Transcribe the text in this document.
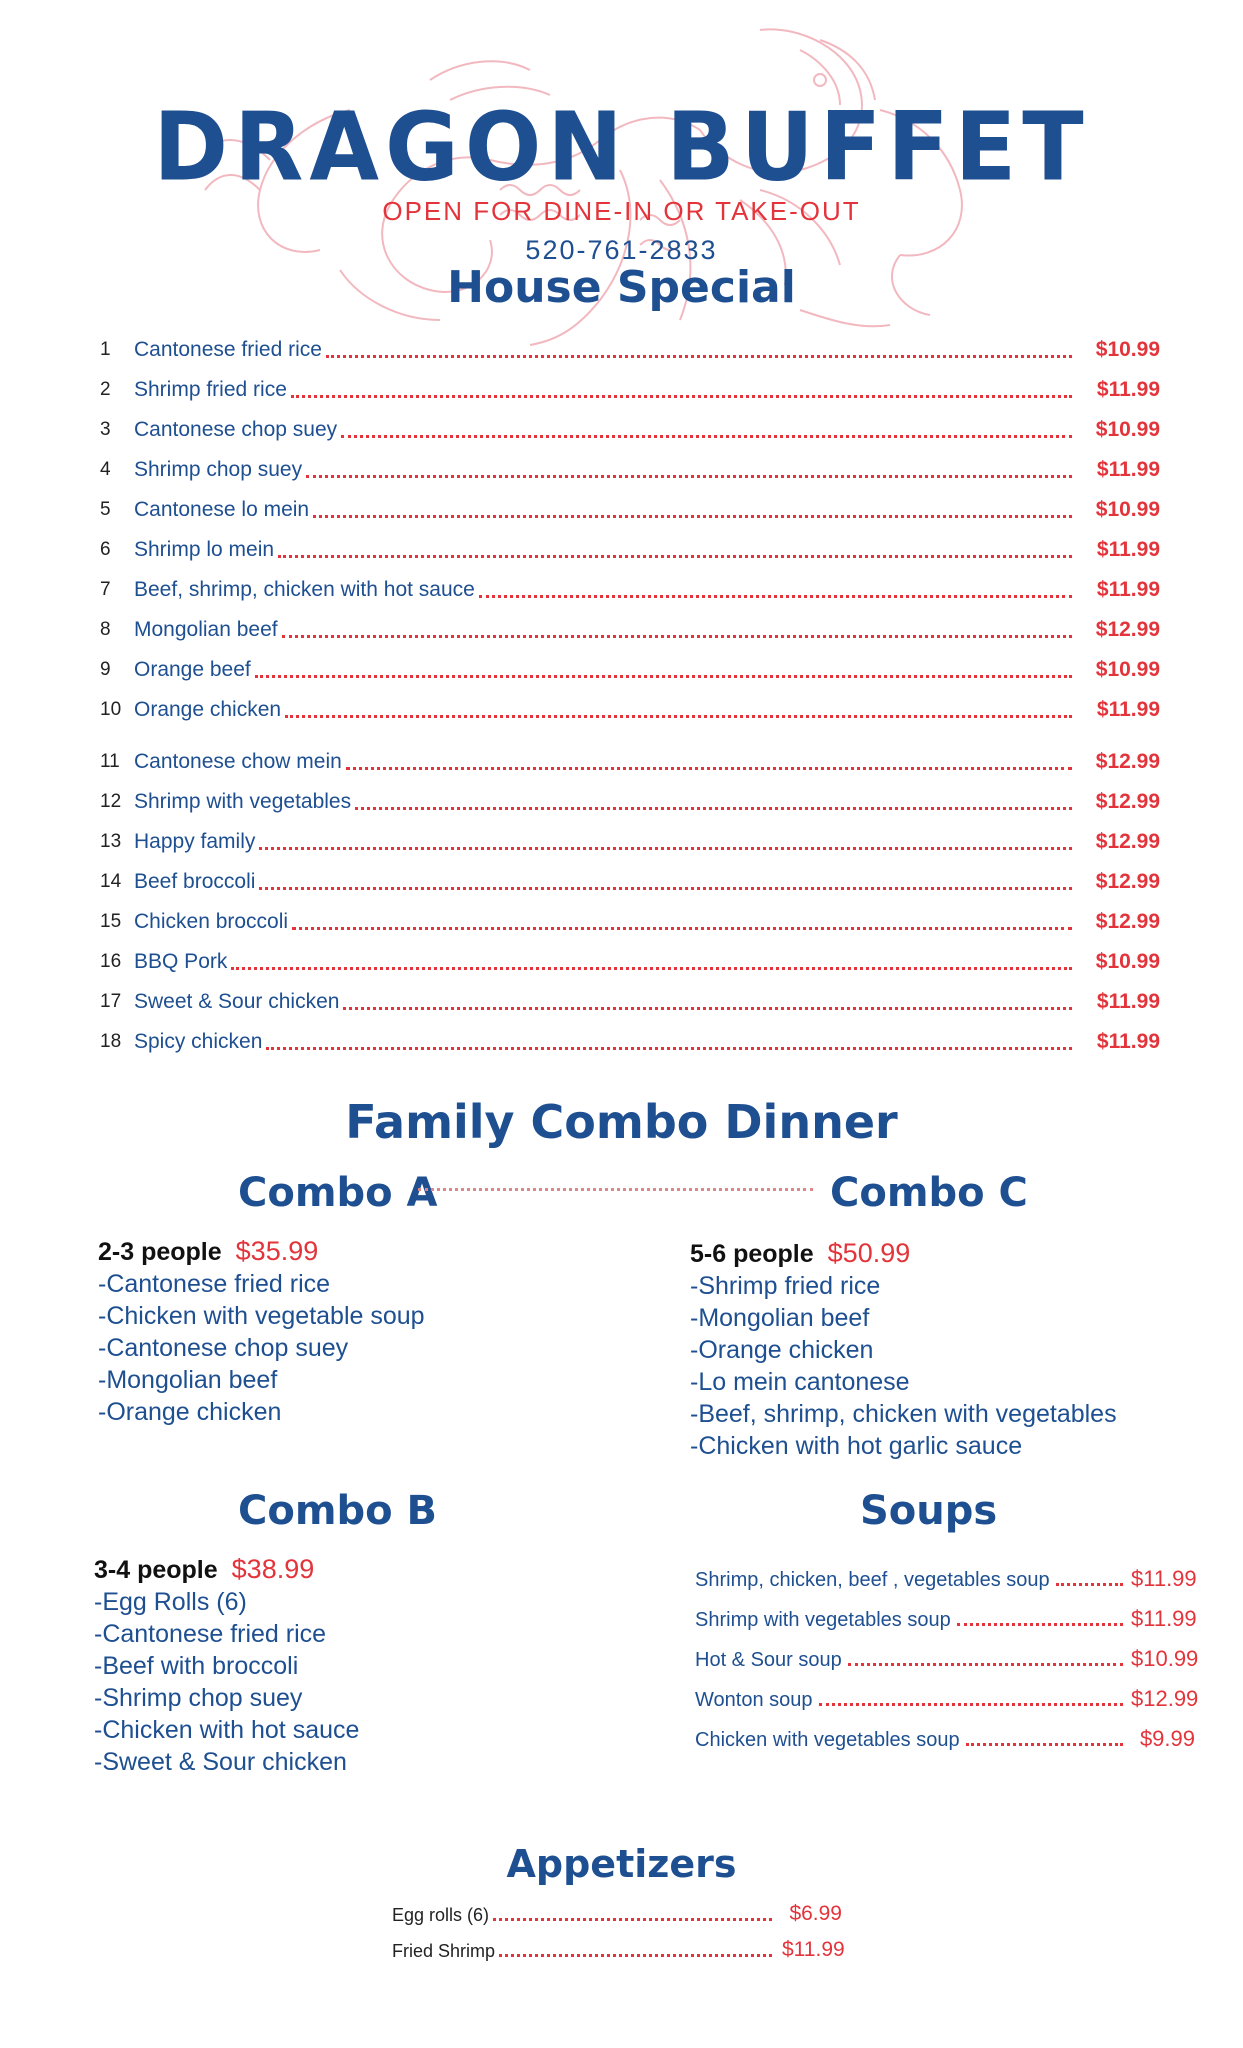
DRAGON BUFFET
OPEN FOR DINE-IN OR TAKE-OUT
520-761-2833
House Special
1	Cantonese fried rice	$10.99
2	Shrimp fried rice	$11.99
3	Cantonese chop suey	$10.99
4	Shrimp chop suey	$11.99
5	Cantonese lo mein	$10.99
6	Shrimp lo mein	$11.99
7	Beef, shrimp, chicken with hot sauce	$11.99
8	Mongolian beef	$12.99
9	Orange beef	$10.99
10 Orange chicken	$11.99
11 Cantonese chow mein	$12.99
12 Shrimp with vegetables	$12.99
13 Happy family	$12.99
14 Beef broccoli	$12.99
15 Chicken broccoli	$12.99
16 BBQ Pork	$10.99
17 Sweet & Sour chicken	$11.99
18 Spicy chicken	$11.99
Family Combo Dinner
Combo A	Combo C
2-3 people $35.99
-Cantonese fried rice
-Chicken with vegetable soup
-Cantonese chop suey
-Mongolian beef
-Orange chicken
5-6 people $50.99
-Shrimp fried rice
-Mongolian beef
-Orange chicken
-Lo mein cantonese
-Beef, shrimp, chicken with vegetables
-Chicken with hot garlic sauce
Combo B	Soups
3-4 people $38.99
-Egg Rolls (6)
-Cantonese fried rice
-Beef with broccoli
-Shrimp chop suey
-Chicken with hot sauce
-Sweet & Sour chicken
Shrimp, chicken, beef , vegetables soup	$11.99
Shrimp with vegetables soup	$11.99
Hot & Sour soup	$10.99
Wonton soup	$12.99
Chicken with vegetables soup	$9.99
Appetizers
Egg rolls (6)	$6.99
Fried Shrimp	$11.99
